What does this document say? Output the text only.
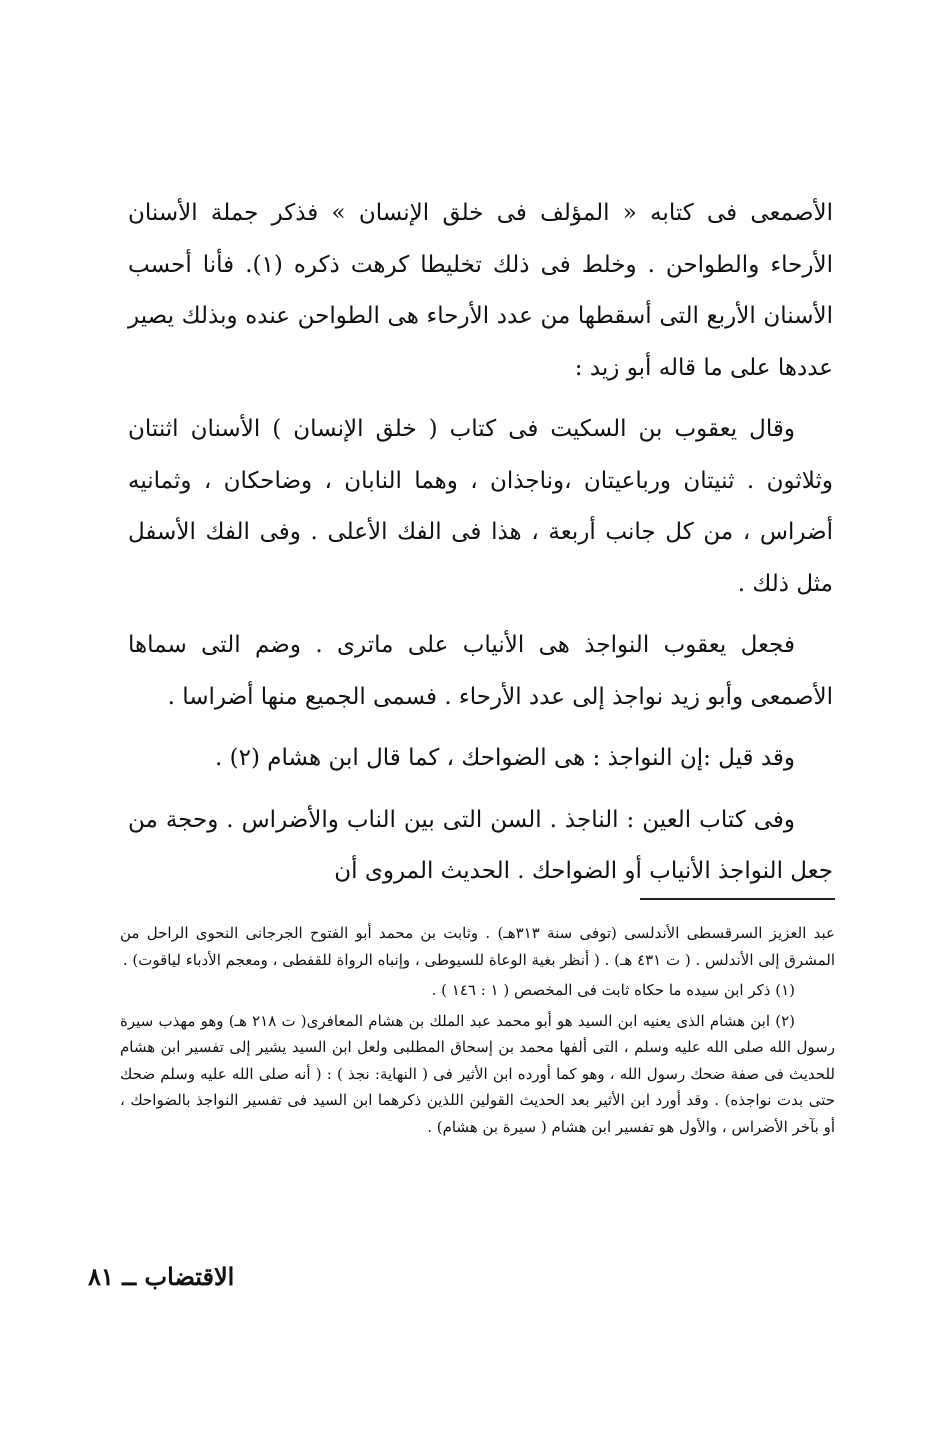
الأصمعى فى كتابه « المؤلف فى خلق الإنسان » فذكر جملة الأسنان الأرحاء والطواحن . وخلط فى ذلك تخليطا كرهت ذكره (١). فأنا أحسب الأسنان الأربع التى أسقطها من عدد الأرحاء هى الطواحن عنده وبذلك يصير عددها على ما قاله أبو زيد :

وقال يعقوب بن السكيت فى كتاب ( خلق الإنسان ) الأسنان اثنتان وثلاثون . ثنيتان ورباعيتان ،وناجذان ، وهما النابان ، وضاحكان ، وثمانيه أضراس ، من كل جانب أربعة ، هذا فى الفك الأعلى . وفى الفك الأسفل مثل ذلك .

فجعل يعقوب النواجذ هى الأنياب على ماترى . وضم التى سماها الأصمعى وأبو زيد نواجذ إلى عدد الأرحاء . فسمى الجميع منها أضراسا .

وقد قيل :إن النواجذ : هى الضواحك ، كما قال ابن هشام (٢) .

وفى كتاب العين : الناجذ . السن التى بين الناب والأضراس . وحجة من جعل النواجذ الأنياب أو الضواحك . الحديث المروى أن

عبد العزيز السرقسطى الأندلسى (توفى سنة ٣١٣هـ) . وثابت بن محمد أبو الفتوح الجرجانى النحوى الراحل من المشرق إلى الأندلس . ( ت ٤٣١ هـ) . ( أنظر بغية الوعاة للسيوطى ، وإنباه الرواة للقفطى ، ومعجم الأدباء لياقوت) .

(١) ذكر ابن سيده ما حكاه ثابت فى المخصص ( ١ : ١٤٦ ) .

(٢) ابن هشام الذى يعنيه ابن السيد هو أبو محمد عبد الملك بن هشام المعافرى( ت ٢١٨ هـ) وهو مهذب سيرة رسول الله صلى الله عليه وسلم ، التى ألفها محمد بن إسحاق المطلبى ولعل ابن السيد يشير إلى تفسير ابن هشام للحديث فى صفة ضحك رسول الله ، وهو كما أورده ابن الأثير فى ( النهاية: نجذ ) : ( أنه صلى الله عليه وسلم ضحك حتى بدت نواجذه) . وقد أورد ابن الأثير بعد الحديث القولين اللذين ذكرهما ابن السيد فى تفسير النواجذ بالضواحك ، أو بآخر الأضراس ، والأول هو تفسير ابن هشام ( سيرة بن هشام) .

الاقتضاب ــ ٨١
